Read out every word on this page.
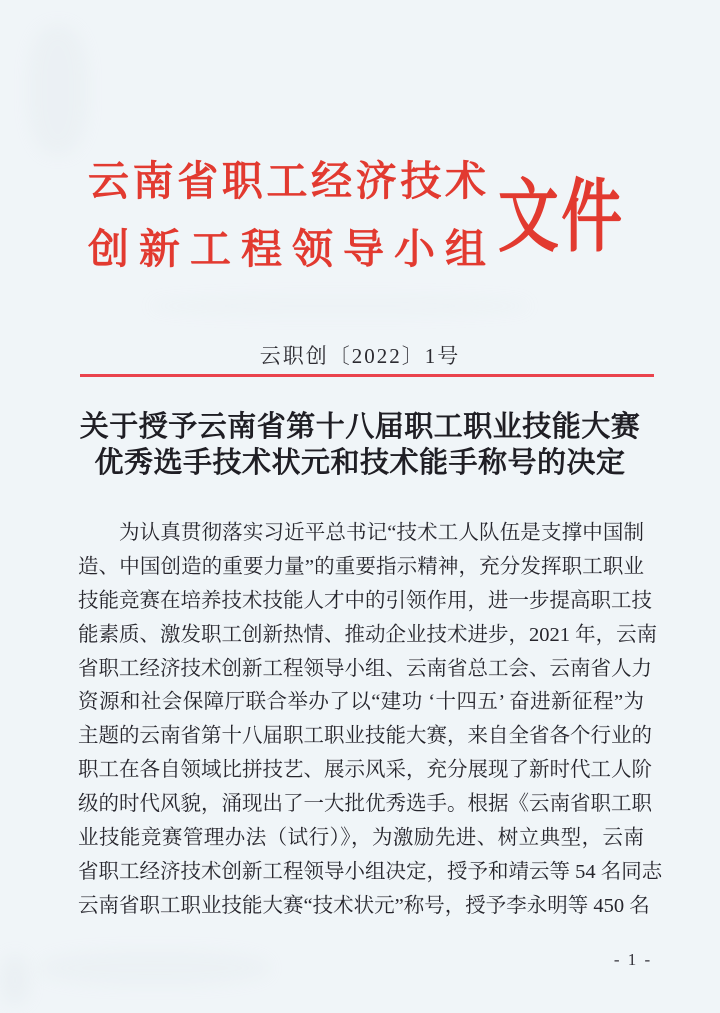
云南省职工经济技术
创新工程领导小组 文件
云职创〔2022〕1号
关于授予云南省第十八届职工职业技能大赛
优秀选手技术状元和技术能手称号的决定
为认真贯彻落实习近平总书记“技术工人队伍是支撑中国制
造、中国创造的重要力量”的重要指示精神，充分发挥职工职业
技能竞赛在培养技术技能人才中的引领作用，进一步提高职工技
能素质、激发职工创新热情、推动企业技术进步，2021 年，云南
省职工经济技术创新工程领导小组、云南省总工会、云南省人力
资源和社会保障厅联合举办了以“建功 ‘十四五’ 奋进新征程”为
主题的云南省第十八届职工职业技能大赛，来自全省各个行业的
职工在各自领域比拼技艺、展示风采，充分展现了新时代工人阶
级的时代风貌，涌现出了一大批优秀选手。根据《云南省职工职
业技能竞赛管理办法（试行）》，为激励先进、树立典型，云南
省职工经济技术创新工程领导小组决定，授予和靖云等 54 名同志
云南省职工职业技能大赛“技术状元”称号，授予李永明等 450 名
- 1 -
